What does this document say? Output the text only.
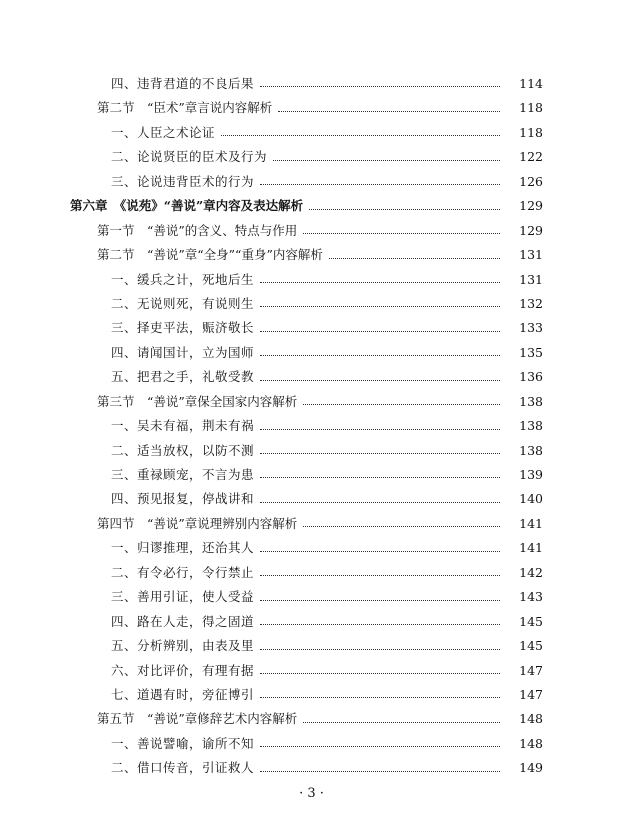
四、违背君道的不良后果	114
第二节　“臣术”章言说内容解析	118
一、人臣之术论证	118
二、论说贤臣的臣术及行为	122
三、论说违背臣术的行为	126
第六章　《说苑》“善说”章内容及表达解析	129
第一节　“善说”的含义、特点与作用	129
第二节　“善说”章“全身”“重身”内容解析	131
一、缓兵之计，死地后生	131
二、无说则死，有说则生	132
三、择吏平法，赈济敬长	133
四、请闻国计，立为国师	135
五、把君之手，礼敬受教	136
第三节　“善说”章保全国家内容解析	138
一、吴未有福，荆未有祸	138
二、适当放权，以防不测	138
三、重禄顾宠，不言为患	139
四、预见报复，停战讲和	140
第四节　“善说”章说理辨别内容解析	141
一、归谬推理，还治其人	141
二、有令必行，令行禁止	142
三、善用引证，使人受益	143
四、路在人走，得之固道	145
五、分析辨别，由表及里	145
六、对比评价，有理有据	147
七、道遇有时，旁征博引	147
第五节　“善说”章修辞艺术内容解析	148
一、善说譬喻，谕所不知	148
二、借口传音，引证救人	149
· 3 ·
